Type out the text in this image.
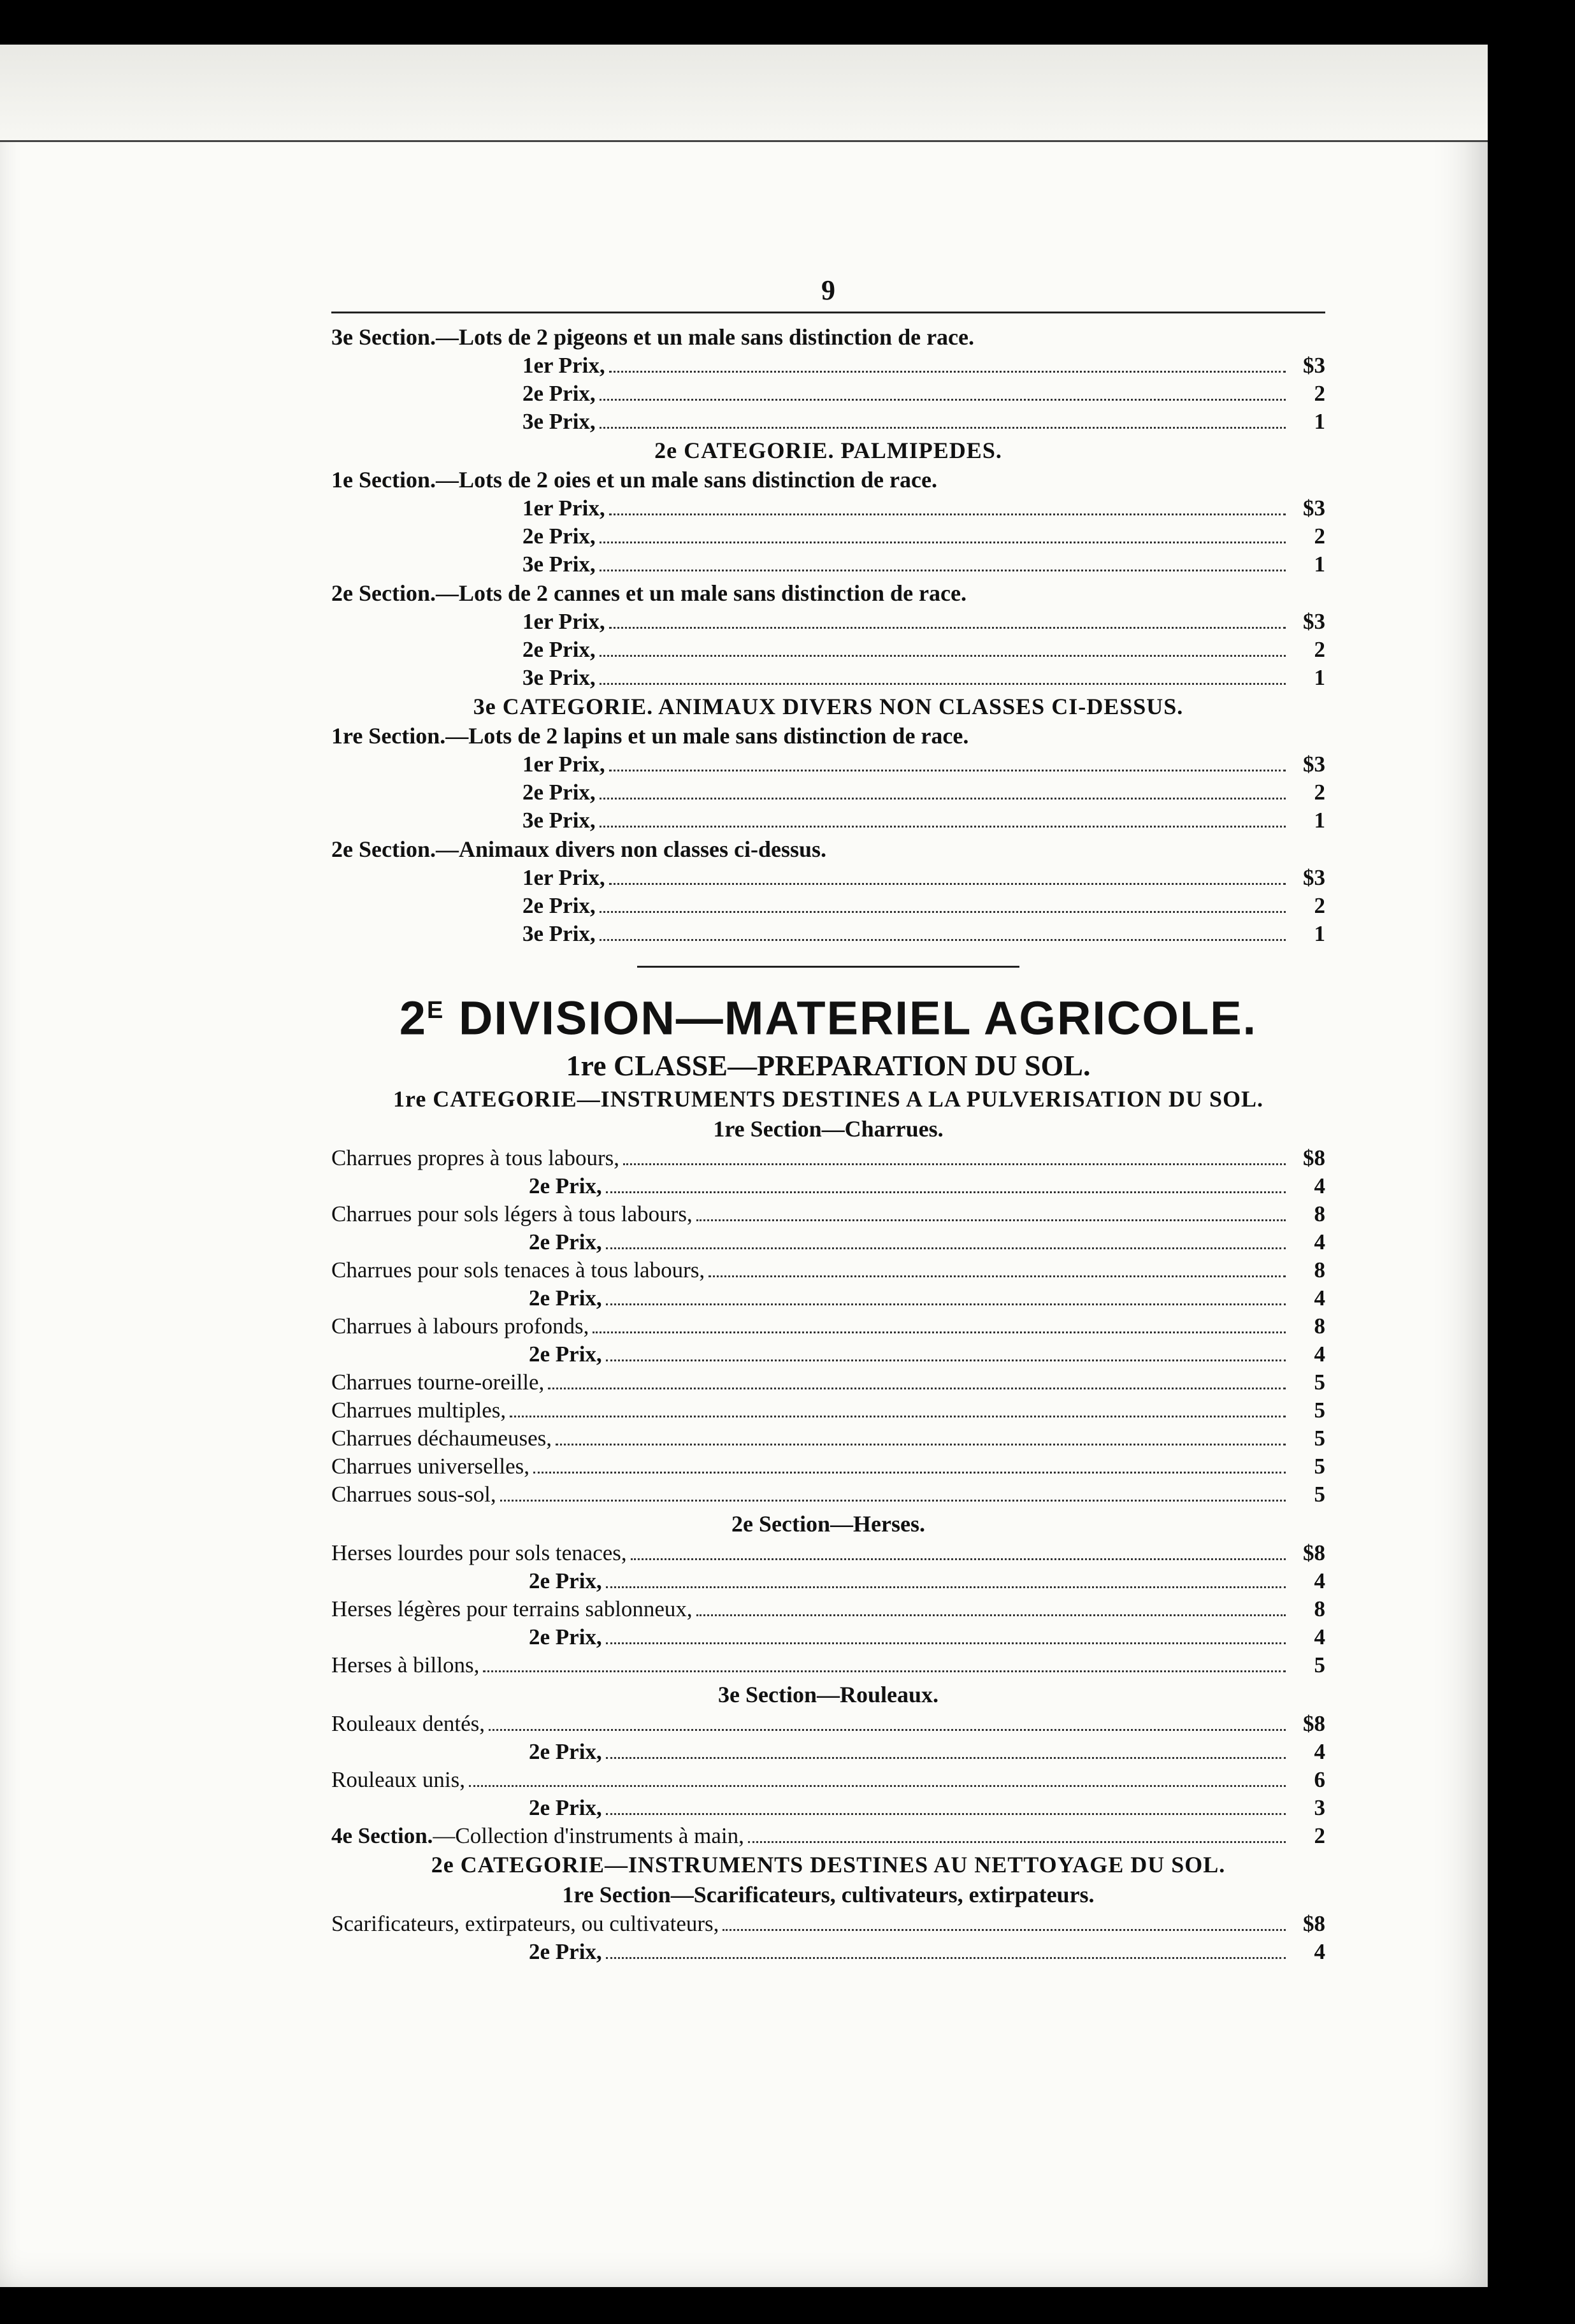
9
3e Section.—Lots de 2 pigeons et un male sans distinction de race.
1er Prix,	$3
2e Prix,	2
3e Prix,	1
2e CATEGORIE. PALMIPEDES.
1e Section.—Lots de 2 oies et un male sans distinction de race.
1er Prix,	$3
2e Prix,	2
3e Prix,	1
2e Section.—Lots de 2 cannes et un male sans distinction de race.
1er Prix,	$3
2e Prix,	2
3e Prix,	1
3e CATEGORIE. ANIMAUX DIVERS NON CLASSES CI-DESSUS.
1re Section.—Lots de 2 lapins et un male sans distinction de race.
1er Prix,	$3
2e Prix,	2
3e Prix,	1
2e Section.—Animaux divers non classes ci-dessus.
1er Prix,	$3
2e Prix,	2
3e Prix,	1
$2^E$ DIVISION—MATERIEL AGRICOLE.
1re CLASSE—PREPARATION DU SOL.
1re CATEGORIE—INSTRUMENTS DESTINES A LA PULVERISATION DU SOL.
1re Section—Charrues.
Charrues propres à tous labours,	$8
2e Prix,	4
Charrues pour sols légers à tous labours,	8
2e Prix,	4
Charrues pour sols tenaces à tous labours,	8
2e Prix,	4
Charrues à labours profonds,	8
2e Prix,	4
Charrues tourne-oreille,	5
Charrues multiples,	5
Charrues déchaumeuses,	5
Charrues universelles,	5
Charrues sous-sol,	5
2e Section—Herses.
Herses lourdes pour sols tenaces,	$8
2e Prix,	4
Herses légères pour terrains sablonneux,	8
2e Prix,	4
Herses à billons,	5
3e Section—Rouleaux.
Rouleaux dentés,	$8
2e Prix,	4
Rouleaux unis,	6
2e Prix,	3
4e Section.—Collection d'instruments à main,	2
2e CATEGORIE—INSTRUMENTS DESTINES AU NETTOYAGE DU SOL.
1re Section—Scarificateurs, cultivateurs, extirpateurs.
Scarificateurs, extirpateurs, ou cultivateurs,	$8
2e Prix,	4
